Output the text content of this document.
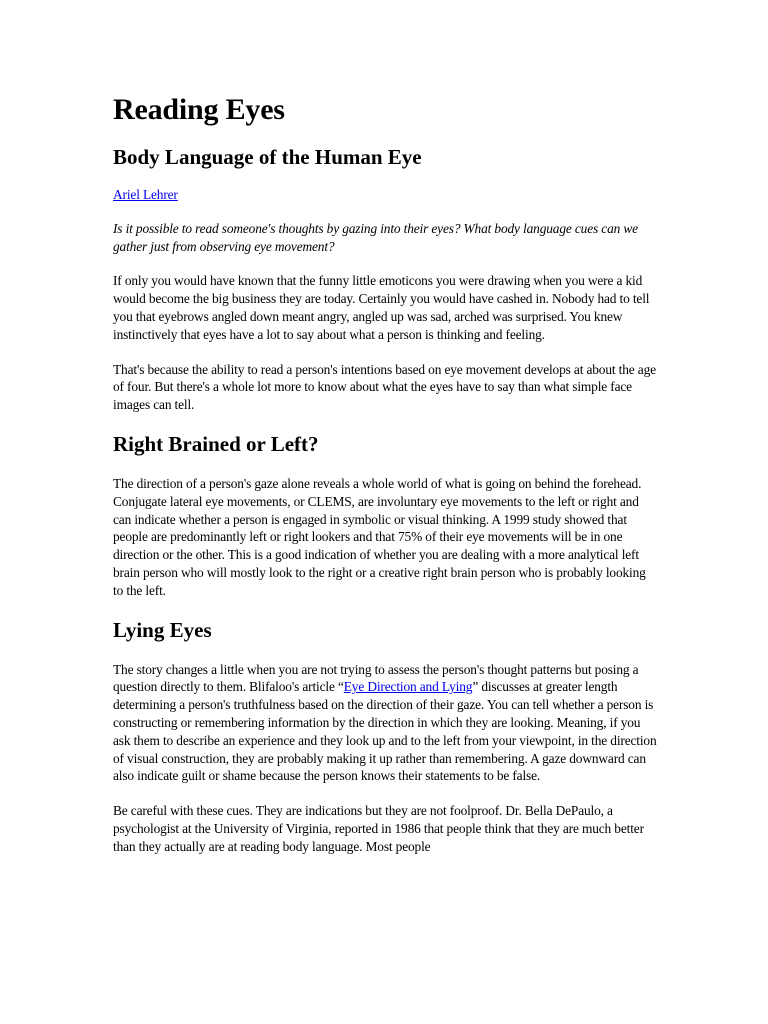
Reading Eyes
Body Language of the Human Eye

Ariel Lehrer

Is it possible to read someone's thoughts by gazing into their eyes? What body language cues can we gather just from observing eye movement?

If only you would have known that the funny little emoticons you were drawing when you were a kid would become the big business they are today. Certainly you would have cashed in. Nobody had to tell you that eyebrows angled down meant angry, angled up was sad, arched was surprised. You knew instinctively that eyes have a lot to say about what a person is thinking and feeling.

That's because the ability to read a person's intentions based on eye movement develops at about the age of four. But there's a whole lot more to know about what the eyes have to say than what simple face images can tell.

Right Brained or Left?

The direction of a person's gaze alone reveals a whole world of what is going on behind the forehead. Conjugate lateral eye movements, or CLEMS, are involuntary eye movements to the left or right and can indicate whether a person is engaged in symbolic or visual thinking. A 1999 study showed that people are predominantly left or right lookers and that 75% of their eye movements will be in one direction or the other. This is a good indication of whether you are dealing with a more analytical left brain person who will mostly look to the right or a creative right brain person who is probably looking to the left.

Lying Eyes

The story changes a little when you are not trying to assess the person's thought patterns but posing a question directly to them. Blifaloo's article “Eye Direction and Lying” discusses at greater length determining a person's truthfulness based on the direction of their gaze. You can tell whether a person is constructing or remembering information by the direction in which they are looking. Meaning, if you ask them to describe an experience and they look up and to the left from your viewpoint, in the direction of visual construction, they are probably making it up rather than remembering. A gaze downward can also indicate guilt or shame because the person knows their statements to be false.

Be careful with these cues. They are indications but they are not foolproof. Dr. Bella DePaulo, a psychologist at the University of Virginia, reported in 1986 that people think that they are much better than they actually are at reading body language. Most people
